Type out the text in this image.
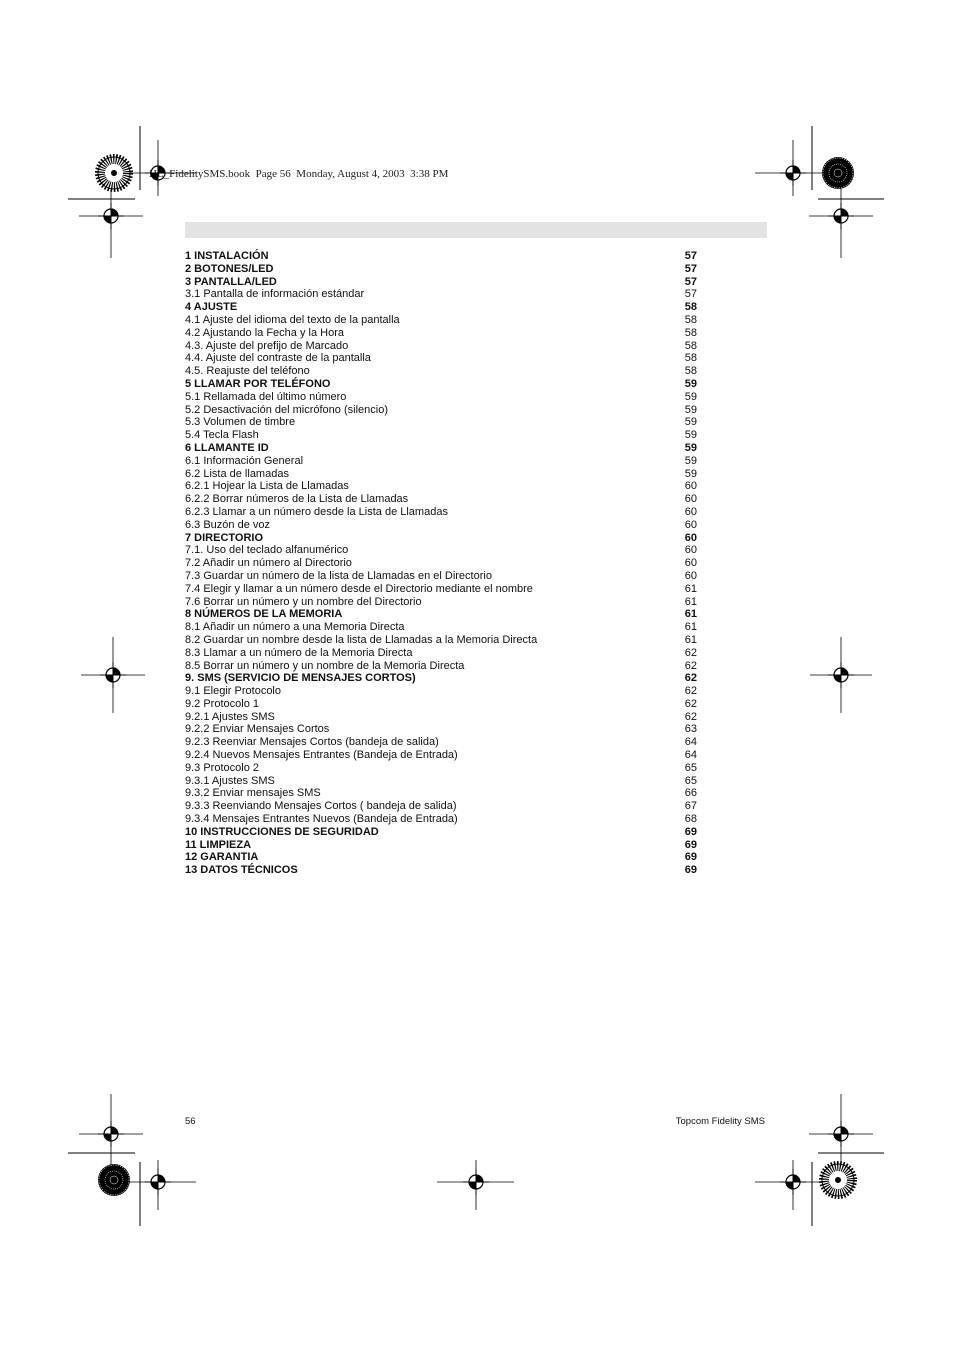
HL_FidelitySMS.book  Page 56  Monday, August 4, 2003  3:38 PM
1 INSTALACIÓN	57
2 BOTONES/LED	57
3 PANTALLA/LED	57
3.1 Pantalla de información estándar	57
4 AJUSTE	58
4.1 Ajuste del idioma del texto de la pantalla	58
4.2 Ajustando la Fecha y la Hora	58
4.3. Ajuste del prefijo de Marcado	58
4.4. Ajuste del contraste de la pantalla	58
4.5. Reajuste del teléfono	58
5 LLAMAR POR TELÉFONO	59
5.1 Rellamada del último número	59
5.2 Desactivación del micrófono (silencio)	59
5.3 Volumen de timbre	59
5.4 Tecla Flash	59
6 LLAMANTE ID	59
6.1 Información General	59
6.2 Lista de llamadas	59
6.2.1 Hojear la Lista de Llamadas	60
6.2.2 Borrar números de la Lista de Llamadas	60
6.2.3 Llamar a un número desde la Lista de Llamadas	60
6.3 Buzón de voz	60
7 DIRECTORIO	60
7.1. Uso del teclado alfanumérico	60
7.2 Añadir un número al Directorio	60
7.3 Guardar un número de la lista de Llamadas en el Directorio	60
7.4 Elegir y llamar a un número desde el Directorio mediante el nombre	61
7.6 Borrar un número y un nombre del Directorio	61
8 NÚMEROS DE LA MEMORIA	61
8.1 Añadir un número a una Memoria Directa	61
8.2 Guardar un nombre desde la lista de Llamadas a la Memoria Directa	61
8.3 Llamar a un número de la Memoria Directa	62
8.5 Borrar un número y un nombre de la Memoria Directa	62
9. SMS (SERVICIO DE MENSAJES CORTOS)	62
9.1 Elegir Protocolo	62
9.2 Protocolo 1	62
9.2.1 Ajustes SMS	62
9.2.2 Enviar Mensajes Cortos	63
9.2.3 Reenviar Mensajes Cortos (bandeja de salida)	64
9.2.4 Nuevos Mensajes Entrantes (Bandeja de Entrada)	64
9.3 Protocolo 2	65
9.3.1 Ajustes SMS	65
9.3.2 Enviar mensajes SMS	66
9.3.3 Reenviando Mensajes Cortos ( bandeja de salida)	67
9.3.4 Mensajes Entrantes Nuevos (Bandeja de Entrada)	68
10 INSTRUCCIONES DE SEGURIDAD	69
11 LIMPIEZA	69
12 GARANTIA	69
13 DATOS TÉCNICOS	69
56	Topcom Fidelity SMS
